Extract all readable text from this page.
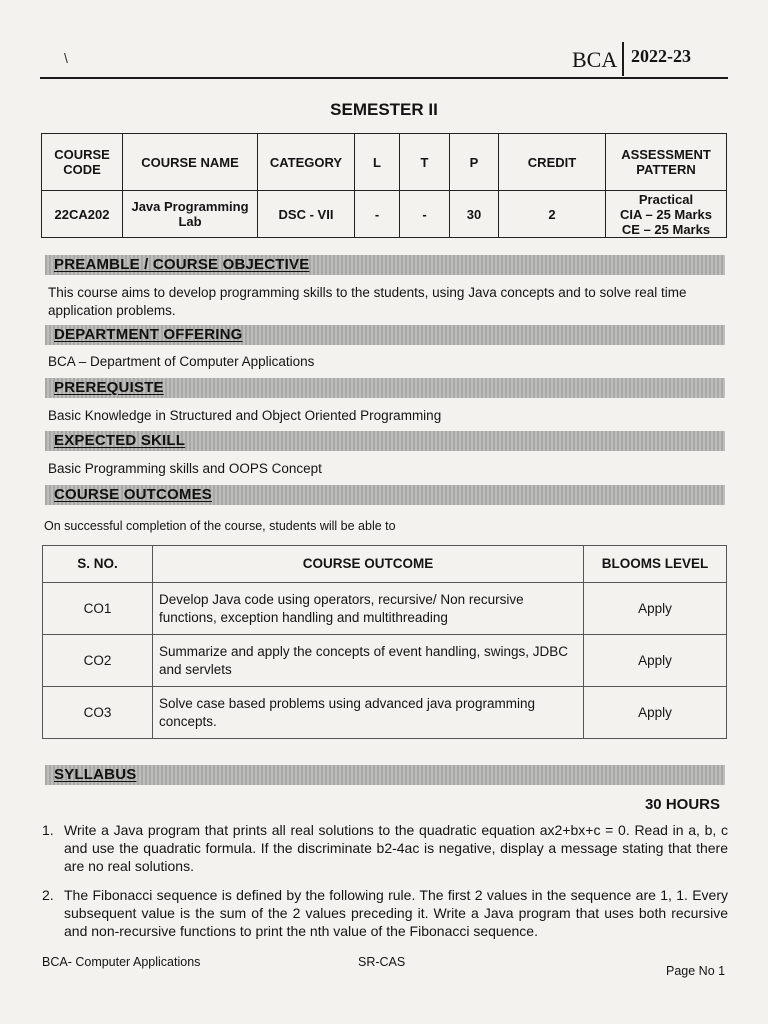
\	BCA 2022-23
SEMESTER II
COURSE CODE	COURSE NAME	CATEGORY	L	T	P	CREDIT	ASSESSMENT PATTERN
22CA202	Java Programming Lab	DSC - VII	-	-	30	2	Practical
CIA – 25 Marks
CE – 25 Marks
PREAMBLE / COURSE OBJECTIVE
This course aims to develop programming skills to the students, using Java concepts and to solve real time application problems.
DEPARTMENT OFFERING
BCA – Department of Computer Applications
PREREQUISTE
Basic Knowledge in Structured and Object Oriented Programming
EXPECTED SKILL
Basic Programming skills and OOPS Concept
COURSE OUTCOMES
On successful completion of the course, students will be able to
S. NO.	COURSE OUTCOME	BLOOMS LEVEL
CO1	Develop Java code using operators, recursive/ Non recursive functions, exception handling and multithreading	Apply
CO2	Summarize and apply the concepts of event handling, swings, JDBC and servlets	Apply
CO3	Solve case based problems using advanced java programming concepts.	Apply
SYLLABUS
30 HOURS
1. Write a Java program that prints all real solutions to the quadratic equation ax2+bx+c = 0. Read in a, b, c and use the quadratic formula. If the discriminate b2-4ac is negative, display a message stating that there are no real solutions.
2. The Fibonacci sequence is defined by the following rule. The first 2 values in the sequence are 1, 1. Every subsequent value is the sum of the 2 values preceding it. Write a Java program that uses both recursive and non-recursive functions to print the nth value of the Fibonacci sequence.
BCA- Computer Applications	SR-CAS
Page No 1
